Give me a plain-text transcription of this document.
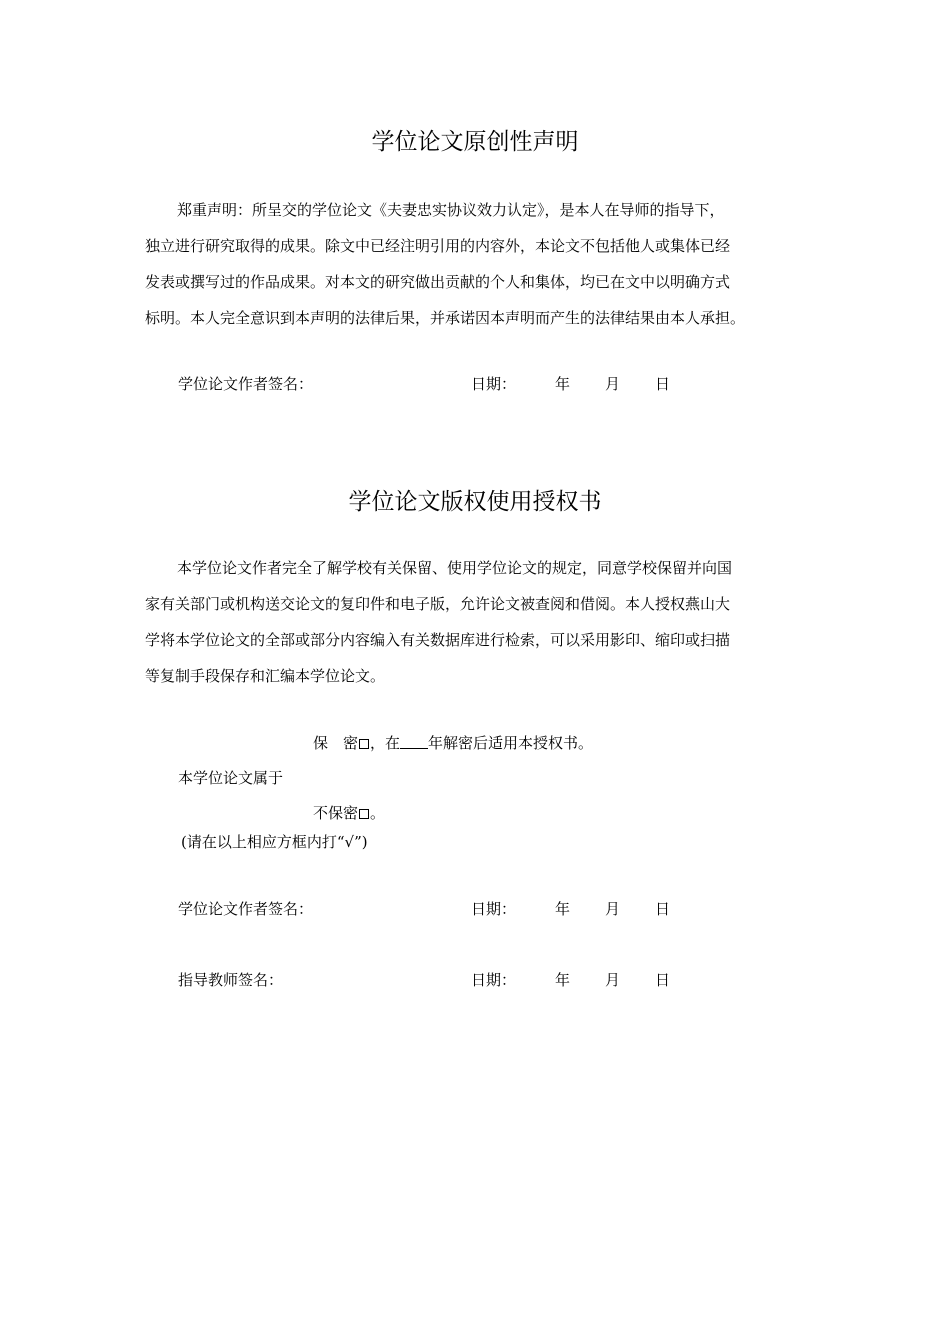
学位论文原创性声明
郑重声明：所呈交的学位论文《夫妻忠实协议效力认定》，是本人在导师的指导下，
独立进行研究取得的成果。除文中已经注明引用的内容外，本论文不包括他人或集体已经
发表或撰写过的作品成果。对本文的研究做出贡献的个人和集体，均已在文中以明确方式
标明。本人完全意识到本声明的法律后果，并承诺因本声明而产生的法律结果由本人承担。
学位论文作者签名：	日期：	年 月 日
学位论文版权使用授权书
本学位论文作者完全了解学校有关保留、使用学位论文的规定，同意学校保留并向国
家有关部门或机构送交论文的复印件和电子版，允许论文被查阅和借阅。本人授权燕山大
学将本学位论文的全部或部分内容编入有关数据库进行检索，可以采用影印、缩印或扫描
等复制手段保存和汇编本学位论文。
保　密 ，在 年解密后适用本授权书。
本学位论文属于
不保密 。
(请在以上相应方框内打“√”)
学位论文作者签名：	日期：	年 月 日
指导教师签名：	日期：	年 月 日
